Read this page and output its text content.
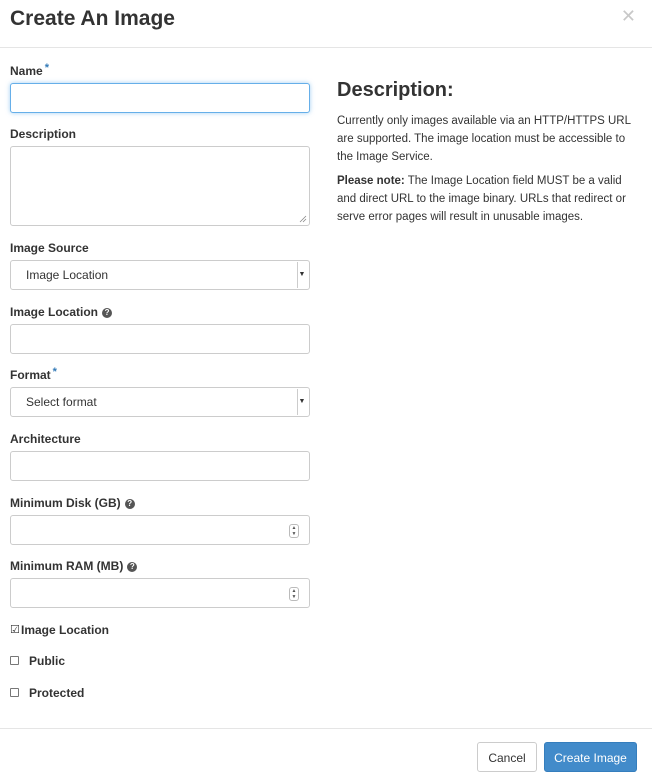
Create An Image	✕
Name *
Description
Image Source
Image Location	▼
Image Location ?
Format *
Select format	▼
Architecture
Minimum Disk (GB) ?
▲
▼
Minimum RAM (MB) ?
▲
▼
☑Image Location
Public
Protected
Description:

Currently only images available via an HTTP/HTTPS URL are supported. The image location must be accessible to the Image Service.

Please note: The Image Location field MUST be a valid and direct URL to the image binary. URLs that redirect or serve error pages will result in unusable images.

Cancel	Create Image
